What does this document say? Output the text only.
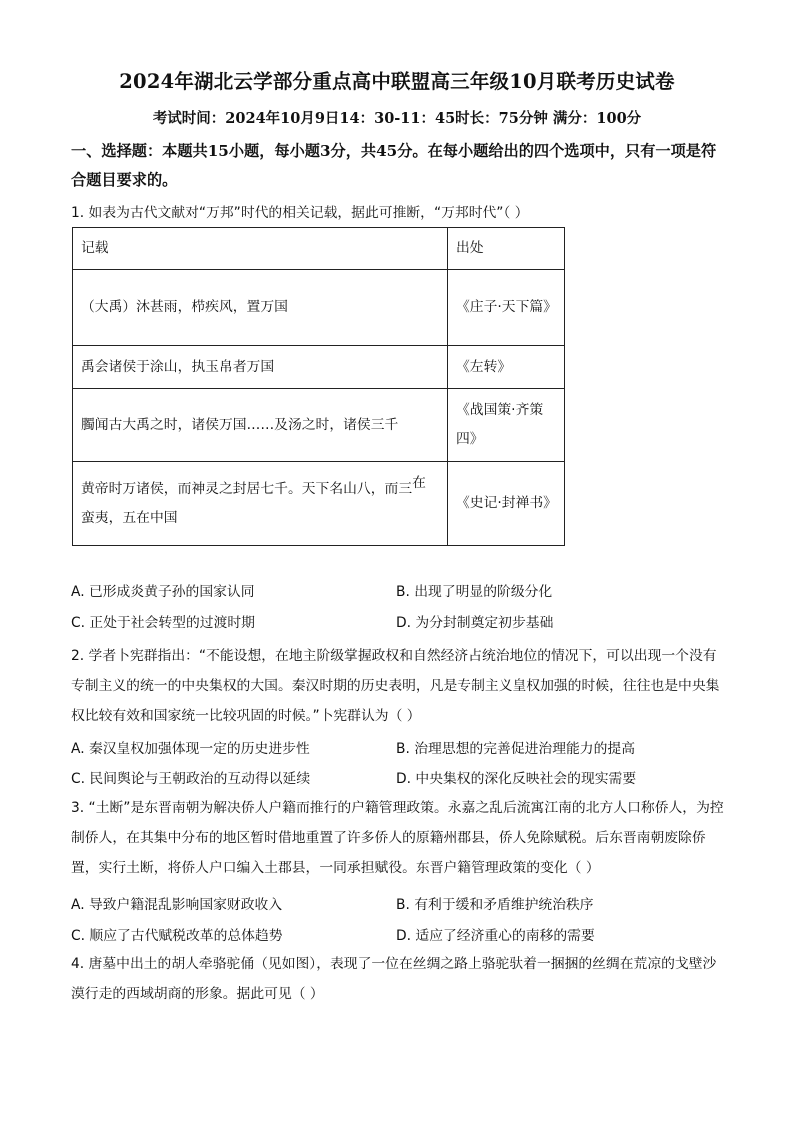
2024年湖北云学部分重点高中联盟高三年级10月联考历史试卷
考试时间：2024年10月9日14：30-11：45时长：75分钟 满分：100分
一、选择题：本题共15小题，每小题3分，共45分。在每小题给出的四个选项中，只有一项是符合题目要求的。
1. 如表为古代文献对“万邦”时代的相关记载，据此可推断，“万邦时代”（ ）
记载	出处
（大禹）沐甚雨，栉疾风，置万国	《庄子·天下篇》
禹会诸侯于涂山，执玉帛者万国	《左转》
臅闻古大禹之时，诸侯万国……及汤之时，诸侯三千	《战国策·齐策四》
黄帝时万诸侯，而神灵之封居七千。天下名山八，而三在
蛮夷，五在中国	《史记·封禅书》
A. 已形成炎黄子孙的国家认同	B. 出现了明显的阶级分化
C. 正处于社会转型的过渡时期	D. 为分封制奠定初步基础
2. 学者卜宪群指出：“不能设想，在地主阶级掌握政权和自然经济占统治地位的情况下，可以出现一个没有专制主义的统一的中央集权的大国。秦汉时期的历史表明，凡是专制主义皇权加强的时候，往往也是中央集权比较有效和国家统一比较巩固的时候。”卜宪群认为（ ）
A. 秦汉皇权加强体现一定的历史进步性	B. 治理思想的完善促进治理能力的提高
C. 民间舆论与王朝政治的互动得以延续	D. 中央集权的深化反映社会的现实需要
3. “土断”是东晋南朝为解决侨人户籍而推行的户籍管理政策。永嘉之乱后流寓江南的北方人口称侨人，为控制侨人，在其集中分布的地区暂时借地重置了许多侨人的原籍州郡县，侨人免除赋税。后东晋南朝废除侨置，实行土断，将侨人户口编入土郡县，一同承担赋役。东晋户籍管理政策的变化（ ）
A. 导致户籍混乱影响国家财政收入	B. 有利于缓和矛盾维护统治秩序
C. 顺应了古代赋税改革的总体趋势	D. 适应了经济重心的南移的需要
4. 唐墓中出土的胡人牵骆驼俑（见如图），表现了一位在丝绸之路上骆驼驮着一捆捆的丝绸在荒凉的戈壁沙漠行走的西域胡商的形象。据此可见（ ）
